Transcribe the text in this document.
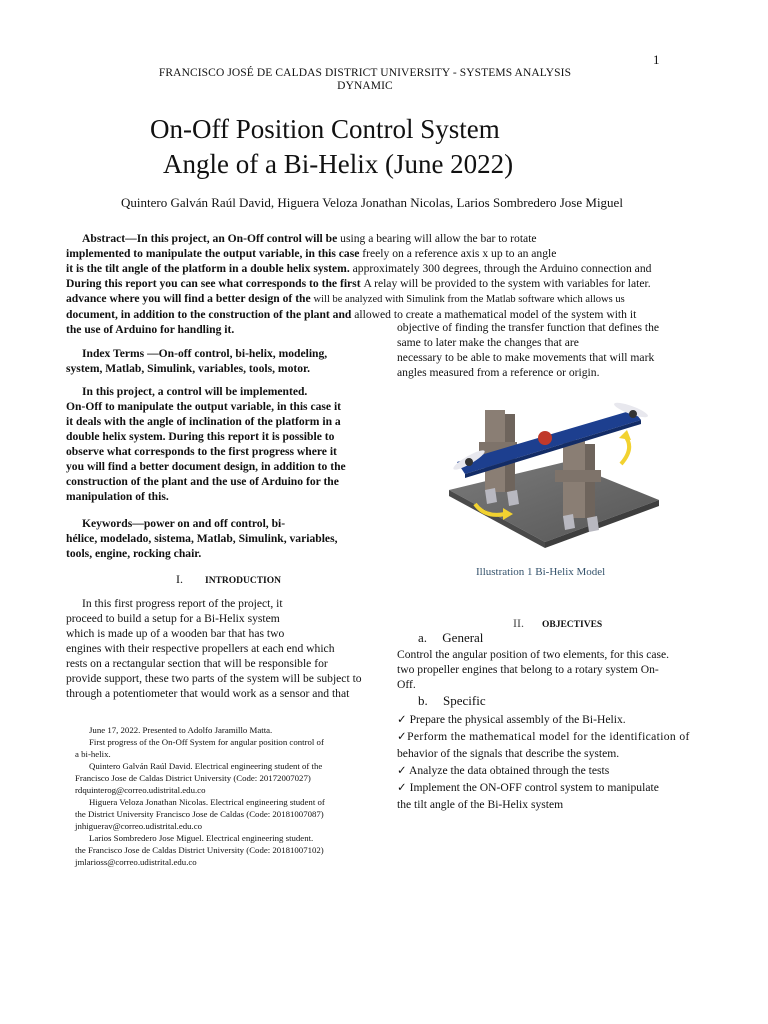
1
FRANCISCO JOSÉ DE CALDAS DISTRICT UNIVERSITY - SYSTEMS ANALYSIS
DYNAMIC
On-Off Position Control System
Angle of a Bi-Helix (June 2022)
Quintero Galván Raúl David, Higuera Veloza Jonathan Nicolas, Larios Sombredero Jose Miguel
Abstract—In this project, an On-Off control will be using a bearing will allow the bar to rotate
implemented to manipulate the output variable, in this case freely on a reference axis x up to an angle
it is the tilt angle of the platform in a double helix system. approximately 300 degrees, through the Arduino connection and
During this report you can see what corresponds to the first A relay will be provided to the system with variables for later.
advance where you will find a better design of the will be analyzed with Simulink from the Matlab software which allows us
document, in addition to the construction of the plant and allowed to create a mathematical model of the system with it
the use of Arduino for handling it.	objective of finding the transfer function that defines the
same to later make the changes that are
necessary to be able to make movements that will mark
angles measured from a reference or origin.
Index Terms —On-off control, bi-helix, modeling,
system, Matlab, Simulink, variables, tools, motor.
In this project, a control will be implemented.
On-Off to manipulate the output variable, in this case it
it deals with the angle of inclination of the platform in a
double helix system. During this report it is possible to
observe what corresponds to the first progress where it
you will find a better document design, in addition to the
construction of the plant and the use of Arduino for the
manipulation of this.
Keywords—power on and off control, bi-
hélice, modelado, sistema, Matlab, Simulink, variables,
tools, engine, rocking chair.
I. INTRODUCTION
In this first progress report of the project, it
proceed to build a setup for a Bi-Helix system
which is made up of a wooden bar that has two
engines with their respective propellers at each end which
rests on a rectangular section that will be responsible for
provide support, these two parts of the system will be subject to
through a potentiometer that would work as a sensor and that
June 17, 2022. Presented to Adolfo Jaramillo Matta.
First progress of the On-Off System for angular position control of
a bi-helix.
Quintero Galván Raúl David. Electrical engineering student of the
Francisco Jose de Caldas District University (Code: 20172007027)
rdquinterog@correo.udistrital.edu.co
Higuera Veloza Jonathan Nicolas. Electrical engineering student of
the District University Francisco Jose de Caldas (Code: 20181007087)
jnhiguerav@correo.udistrital.edu.co
Larios Sombredero Jose Miguel. Electrical engineering student.
the Francisco Jose de Caldas District University (Code: 20181007102)
jmlarioss@correo.udistrital.edu.co
Illustration 1 Bi-Helix Model
II. OBJECTIVES
a. General
Control the angular position of two elements, for this case.
two propeller engines that belong to a rotary system On-
Off.
b. Specific
✓ Prepare the physical assembly of the Bi-Helix.
✓Perform the mathematical model for the identification of
behavior of the signals that describe the system.
✓ Analyze the data obtained through the tests
✓ Implement the ON-OFF control system to manipulate
the tilt angle of the Bi-Helix system
